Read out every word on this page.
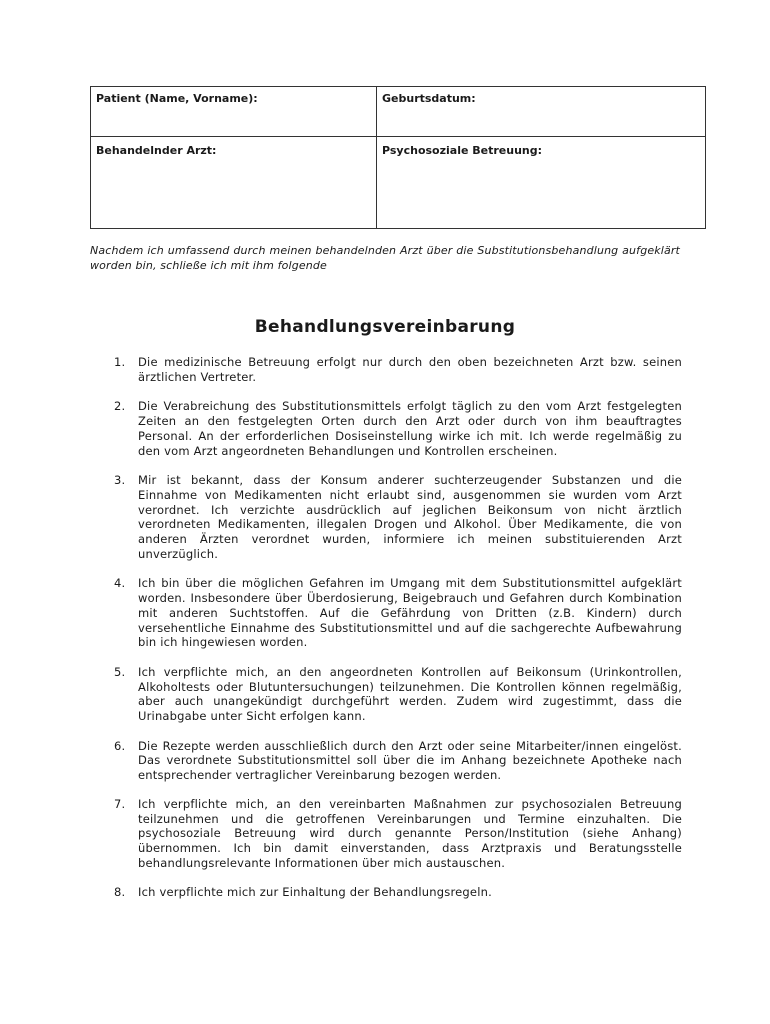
Patient (Name, Vorname):	Geburtsdatum:
Behandelnder Arzt:	Psychosoziale Betreuung:

Nachdem ich umfassend durch meinen behandelnden Arzt über die Substitutionsbehandlung aufgeklärt worden bin, schließe ich mit ihm folgende

Behandlungsvereinbarung
1. Die medizinische Betreuung erfolgt nur durch den oben bezeichneten Arzt bzw. seinen ärztlichen Vertreter.
2. Die Verabreichung des Substitutionsmittels erfolgt täglich zu den vom Arzt festgelegten Zeiten an den festgelegten Orten durch den Arzt oder durch von ihm beauftragtes Personal. An der erforderlichen Dosiseinstellung wirke ich mit. Ich werde regelmäßig zu den vom Arzt angeordneten Behandlungen und Kontrollen erscheinen.
3. Mir ist bekannt, dass der Konsum anderer suchterzeugender Substanzen und die Einnahme von Medikamenten nicht erlaubt sind, ausgenommen sie wurden vom Arzt verordnet. Ich verzichte ausdrücklich auf jeglichen Beikonsum von nicht ärztlich verordneten Medikamenten, illegalen Drogen und Alkohol. Über Medikamente, die von anderen Ärzten verordnet wurden, informiere ich meinen substituierenden Arzt unverzüglich.
4. Ich bin über die möglichen Gefahren im Umgang mit dem Substitutionsmittel aufgeklärt worden. Insbesondere über Überdosierung, Beigebrauch und Gefahren durch Kombination mit anderen Suchtstoffen. Auf die Gefährdung von Dritten (z.B. Kindern) durch versehentliche Einnahme des Substitutionsmittel und auf die sachgerechte Aufbewahrung bin ich hingewiesen worden.
5. Ich verpflichte mich, an den angeordneten Kontrollen auf Beikonsum (Urinkontrollen, Alkoholtests oder Blutuntersuchungen) teilzunehmen. Die Kontrollen können regelmäßig, aber auch unangekündigt durchgeführt werden. Zudem wird zugestimmt, dass die Urinabgabe unter Sicht erfolgen kann.
6. Die Rezepte werden ausschließlich durch den Arzt oder seine Mitarbeiter/innen eingelöst. Das verordnete Substitutionsmittel soll über die im Anhang bezeichnete Apotheke nach entsprechender vertraglicher Vereinbarung bezogen werden.
7. Ich verpflichte mich, an den vereinbarten Maßnahmen zur psychosozialen Betreuung teilzunehmen und die getroffenen Vereinbarungen und Termine einzuhalten. Die psychosoziale Betreuung wird durch genannte Person/Institution (siehe Anhang) übernommen. Ich bin damit einverstanden, dass Arztpraxis und Beratungsstelle behandlungsrelevante Informationen über mich austauschen.
8. Ich verpflichte mich zur Einhaltung der Behandlungsregeln.
